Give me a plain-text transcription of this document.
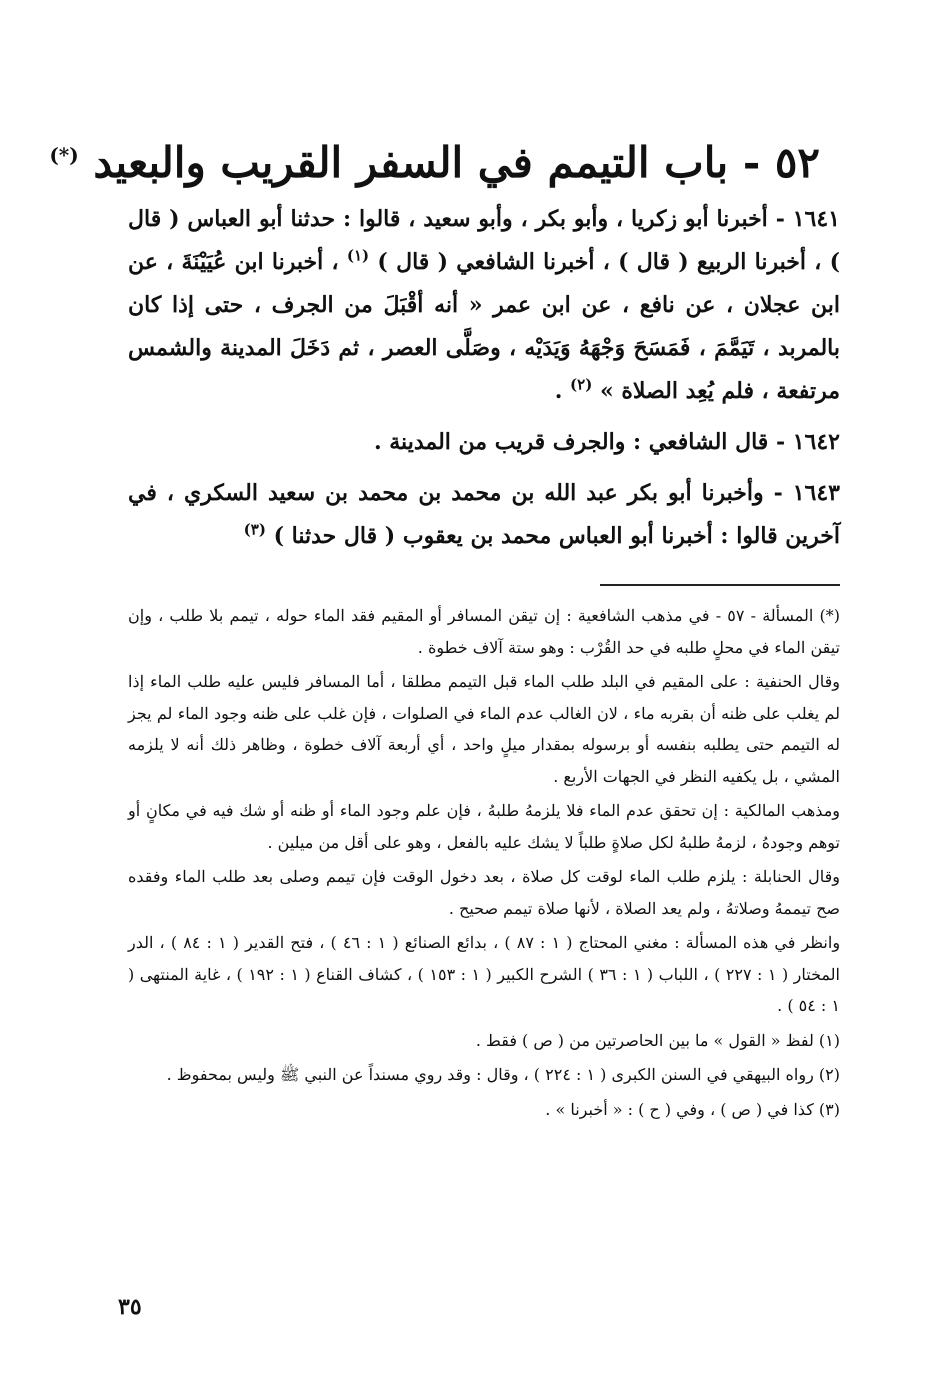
٥٢ - باب التيمم في السفر القريب والبعيد (*)

١٦٤١ - أخبرنا أبو زكريا ، وأبو بكر ، وأبو سعيد ، قالوا : حدثنا أبو العباس ( قال ) ، أخبرنا الربيع ( قال ) ، أخبرنا الشافعي ( قال ) $^{(١)}$ ، أخبرنا ابن عُيَيْنَةَ ، عن ابن عجلان ، عن نافع ، عن ابن عمر « أنه أقْبَلَ من الجرف ، حتى إذا كان بالمربد ، تَيَمَّمَ ، فَمَسَحَ وَجْهَهُ وَيَدَيْه ، وصَلَّى العصر ، ثم دَخَلَ المدينة والشمس مرتفعة ، فلم يُعِد الصلاة » $^{(٢)}$ .

١٦٤٢ - قال الشافعي : والجرف قريب من المدينة .

١٦٤٣ - وأخبرنا أبو بكر عبد الله بن محمد بن محمد بن سعيد السكري ، في آخرين قالوا : أخبرنا أبو العباس محمد بن يعقوب ( قال حدثنا ) $^{(٣)}$

(*) المسألة - ٥٧ - في مذهب الشافعية : إن تيقن المسافر أو المقيم فقد الماء حوله ، تيمم بلا طلب ، وإن تيقن الماء في محلٍ طلبه في حد القُرْب : وهو ستة آلاف خطوة .

وقال الحنفية : على المقيم في البلد طلب الماء قبل التيمم مطلقا ، أما المسافر فليس عليه طلب الماء إذا لم يغلب على ظنه أن بقربه ماء ، لان الغالب عدم الماء في الصلوات ، فإن غلب على ظنه وجود الماء لم يجز له التيمم حتى يطلبه بنفسه أو برسوله بمقدار ميلٍ واحد ، أي أربعة آلاف خطوة ، وظاهر ذلك أنه لا يلزمه المشي ، بل يكفيه النظر في الجهات الأربع .

ومذهب المالكية : إن تحقق عدم الماء فلا يلزمهُ طلبهُ ، فإن علم وجود الماء أو ظنه أو شك فيه في مكانٍ أو توهم وجودهُ ، لزمهُ طلبهُ لكل صلاةٍ طلباً لا يشك عليه بالفعل ، وهو على أقل من ميلين .

وقال الحنابلة : يلزم طلب الماء لوقت كل صلاة ، بعد دخول الوقت فإن تيمم وصلى بعد طلب الماء وفقده صح تيممهُ وصلاتهُ ، ولم يعد الصلاة ، لأنها صلاة تيمم صحيح .

وانظر في هذه المسألة : مغني المحتاج ( ١ : ٨٧ ) ، بدائع الصنائع ( ١ : ٤٦ ) ، فتح القدير ( ١ : ٨٤ ) ، الدر المختار ( ١ : ٢٢٧ ) ، اللباب ( ١ : ٣٦ ) الشرح الكبير ( ١ : ١٥٣ ) ، كشاف القناع ( ١ : ١٩٢ ) ، غاية المنتهى ( ١ : ٥٤ ) .

(١) لفظ « القول » ما بين الحاصرتين من ( ص ) فقط .

(٢) رواه البيهقي في السنن الكبرى ( ١ : ٢٢٤ ) ، وقال : وقد روي مسنداً عن النبي ﷺ وليس بمحفوظ .

(٣) كذا في ( ص ) ، وفي ( ح ) : « أخبرنا » .

٣٥
